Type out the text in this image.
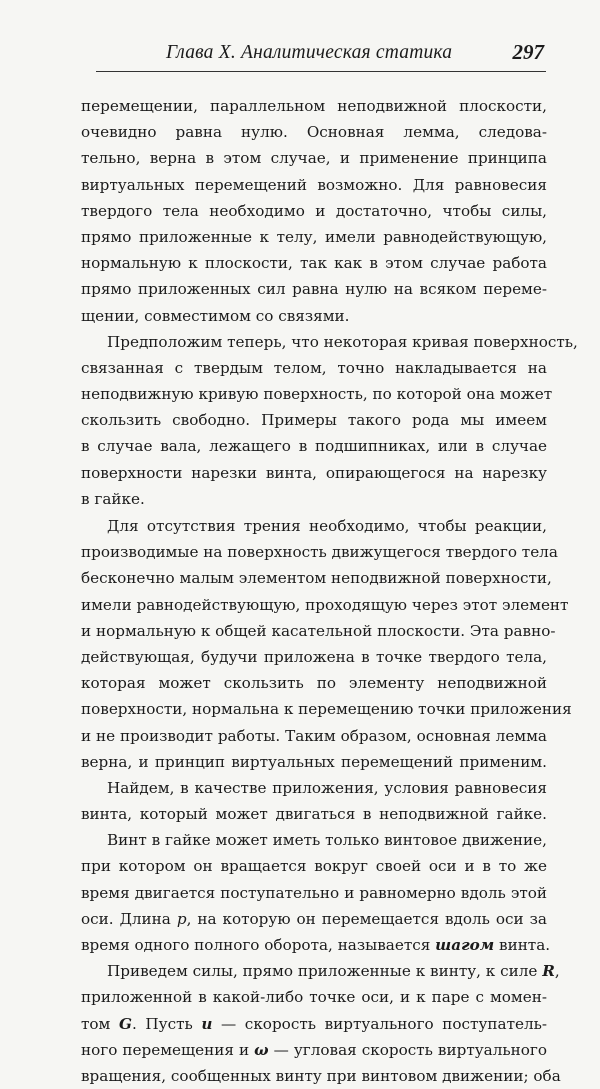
Глава X. Аналитическая статика	297
перемещении, параллельном неподвижной плоскости,
очевидно равна нулю. Основная лемма, следова-
тельно, верна в этом случае, и применение принципа
виртуальных перемещений возможно. Для равновесия
твердого тела необходимо и достаточно, чтобы силы,
прямо приложенные к телу, имели равнодействующую,
нормальную к плоскости, так как в этом случае работа
прямо приложенных сил равна нулю на всяком переме-
щении, совместимом со связями.
Предположим теперь, что некоторая кривая поверхность,
связанная с твердым телом, точно накладывается на
неподвижную кривую поверхность, по которой она может
скользить свободно. Примеры такого рода мы имеем
в случае вала, лежащего в подшипниках, или в случае
поверхности нарезки винта, опирающегося на нарезку
в гайке.
Для отсутствия трения необходимо, чтобы реакции,
производимые на поверхность движущегося твердого тела
бесконечно малым элементом неподвижной поверхности,
имели равнодействующую, проходящую через этот элемент
и нормальную к общей касательной плоскости. Эта равно-
действующая, будучи приложена в точке твердого тела,
которая может скользить по элементу неподвижной
поверхности, нормальна к перемещению точки приложения
и не производит работы. Таким образом, основная лемма
верна, и принцип виртуальных перемещений применим.
Найдем, в качестве приложения, условия равновесия
винта, который может двигаться в неподвижной гайке.
Винт в гайке может иметь только винтовое движение,
при котором он вращается вокруг своей оси и в то же
время двигается поступательно и равномерно вдоль этой
оси. Длина p, на которую он перемещается вдоль оси за
время одного полного оборота, называется шагом винта.
Приведем силы, прямо приложенные к винту, к силе R,
приложенной в какой-либо точке оси, и к паре с момен-
том G. Пусть u — скорость виртуального поступатель-
ного перемещения и ω — угловая скорость виртуального
вращения, сообщенных винту при винтовом движении; оба
